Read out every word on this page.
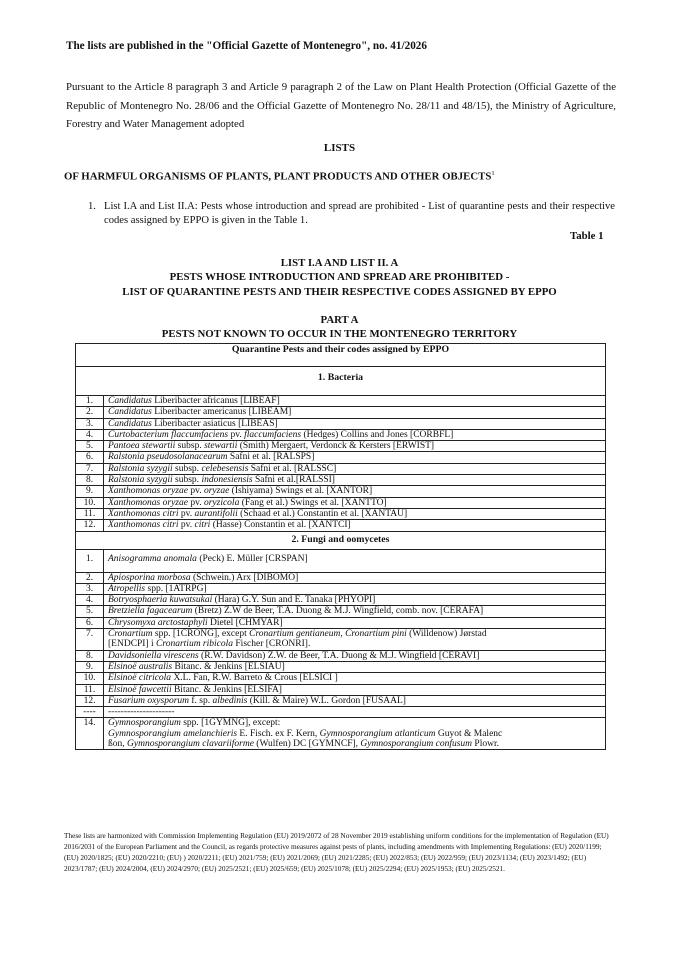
The lists are published in the "Official Gazette of Montenegro", no. 41/2026
Pursuant to the Article 8 paragraph 3 and Article 9 paragraph 2 of the Law on Plant Health Protection (Official Gazette of the Republic of Montenegro No. 28/06 and the Official Gazette of Montenegro No. 28/11 and 48/15), the Ministry of Agriculture, Forestry and Water Management adopted
LISTS
OF HARMFUL ORGANISMS OF PLANTS, PLANT PRODUCTS AND OTHER OBJECTS$^1$
1. List I.A and List II.A: Pests whose introduction and spread are prohibited - List of quarantine pests and their respective codes assigned by EPPO is given in the Table 1.
Table 1
LIST I.A AND LIST II. A
PESTS WHOSE INTRODUCTION AND SPREAD ARE PROHIBITED -
LIST OF QUARANTINE PESTS AND THEIR RESPECTIVE CODES ASSIGNED BY EPPO
PART A
PESTS NOT KNOWN TO OCCUR IN THE MONTENEGRO TERRITORY
Quarantine Pests and their codes assigned by EPPO	
1. Bacteria	
1.	Candidatus Liberibacter africanus [LIBEAF]
2.	Candidatus Liberibacter americanus [LIBEAM]
3.	Candidatus Liberibacter asiaticus [LIBEAS]
4.	Curtobacterium flaccumfaciens pv. flaccumfaciens (Hedges) Collins and Jones [CORBFL]
5.	Pantoea stewartii subsp. stewartii (Smith) Mergaert, Verdonck & Kersters [ERWIST]
6.	Ralstonia pseudosolanacearum Safni et al. [RALSPS]
7.	Ralstonia syzygii subsp. celebesensis Safni et al. [RALSSC]
8.	Ralstonia syzygii subsp. indonesiensis Safni et al.[RALSSI]
9.	Xanthomonas oryzae pv. oryzae (Ishiyama) Swings et al. [XANTOR]
10.	Xanthomonas oryzae pv. oryzicola (Fang et al.) Swings et al. [XANTTO]
11.	Xanthomonas citri pv. aurantifolii (Schaad et al.) Constantin et al. [XANTAU]
12.	Xanthomonas citri pv. citri (Hasse) Constantin et al. [XANTCI]
2. Fungi and oomycetes	
1.	Anisogramma anomala (Peck) E. Müller [CRSPAN]
2.	Apiosporina morbosa (Schwein.) Arx [DIBOMO]
3.	Atropellis spp. [1ATRPG]
4.	Botryosphaeria kuwatsukai (Hara) G.Y. Sun and E. Tanaka [PHYOPI]
5.	Bretziella fagacearum (Bretz) Z.W de Beer, T.A. Duong & M.J. Wingfield, comb. nov. [CERAFA]
6.	Chrysomyxa arctostaphyli Dietel [CHMYAR]
7.	Cronartium spp. [1CRONG], except Cronartium gentianeum, Cronartium pini (Willdenow) Jørstad
[ENDCPI] i Cronartium ribicola Fischer [CRONRI].
8.	Davidsoniella virescens (R.W. Davidson) Z.W. de Beer, T.A. Duong & M.J. Wingfield [CERAVI]
9.	Elsinoë australis Bitanc. & Jenkins [ELSIAU]
10.	Elsinoë citricola X.L. Fan, R.W. Barreto & Crous [ELSICI ]
11.	Elsinoë fawcettii Bitanc. & Jenkins [ELSIFA]
12.	Fusarium oxysporum f. sp. albedinis (Kill. & Maire) W.L. Gordon [FUSAAL]
----	---------------------
14.	Gymnosporangium spp. [1GYMNG], except:
Gymnosporangium amelanchieris E. Fisch. ex F. Kern, Gymnosporangium atlanticum Guyot & Malenc
ßon, Gymnosporangium clavariiforme (Wulfen) DC [GYMNCF], Gymnosporangium confusum Plowr.
These lists are harmonized with Commission Implementing Regulation (EU) 2019/2072 of 28 November 2019 establishing uniform conditions for the implementation of Regulation (EU) 2016/2031 of the European Parliament and the Council, as regards protective measures against pests of plants, including amendments with Implementing Regulations: (EU) 2020/1199; (EU) 2020/1825; (EU) 2020/2210; (EU) ) 2020/2211; (EU) 2021/759; (EU) 2021/2069; (EU) 2021/2285; (EU) 2022/853; (EU) 2022/959; (EU) 2023/1134; (EU) 2023/1492; (EU) 2023/1787; (EU) 2024/2004, (EU) 2024/2970; (EU) 2025/2521; (EU) 2025/659; (EU) 2025/1078; (EU) 2025/2294; (EU) 2025/1953; (EU) 2025/2521.
